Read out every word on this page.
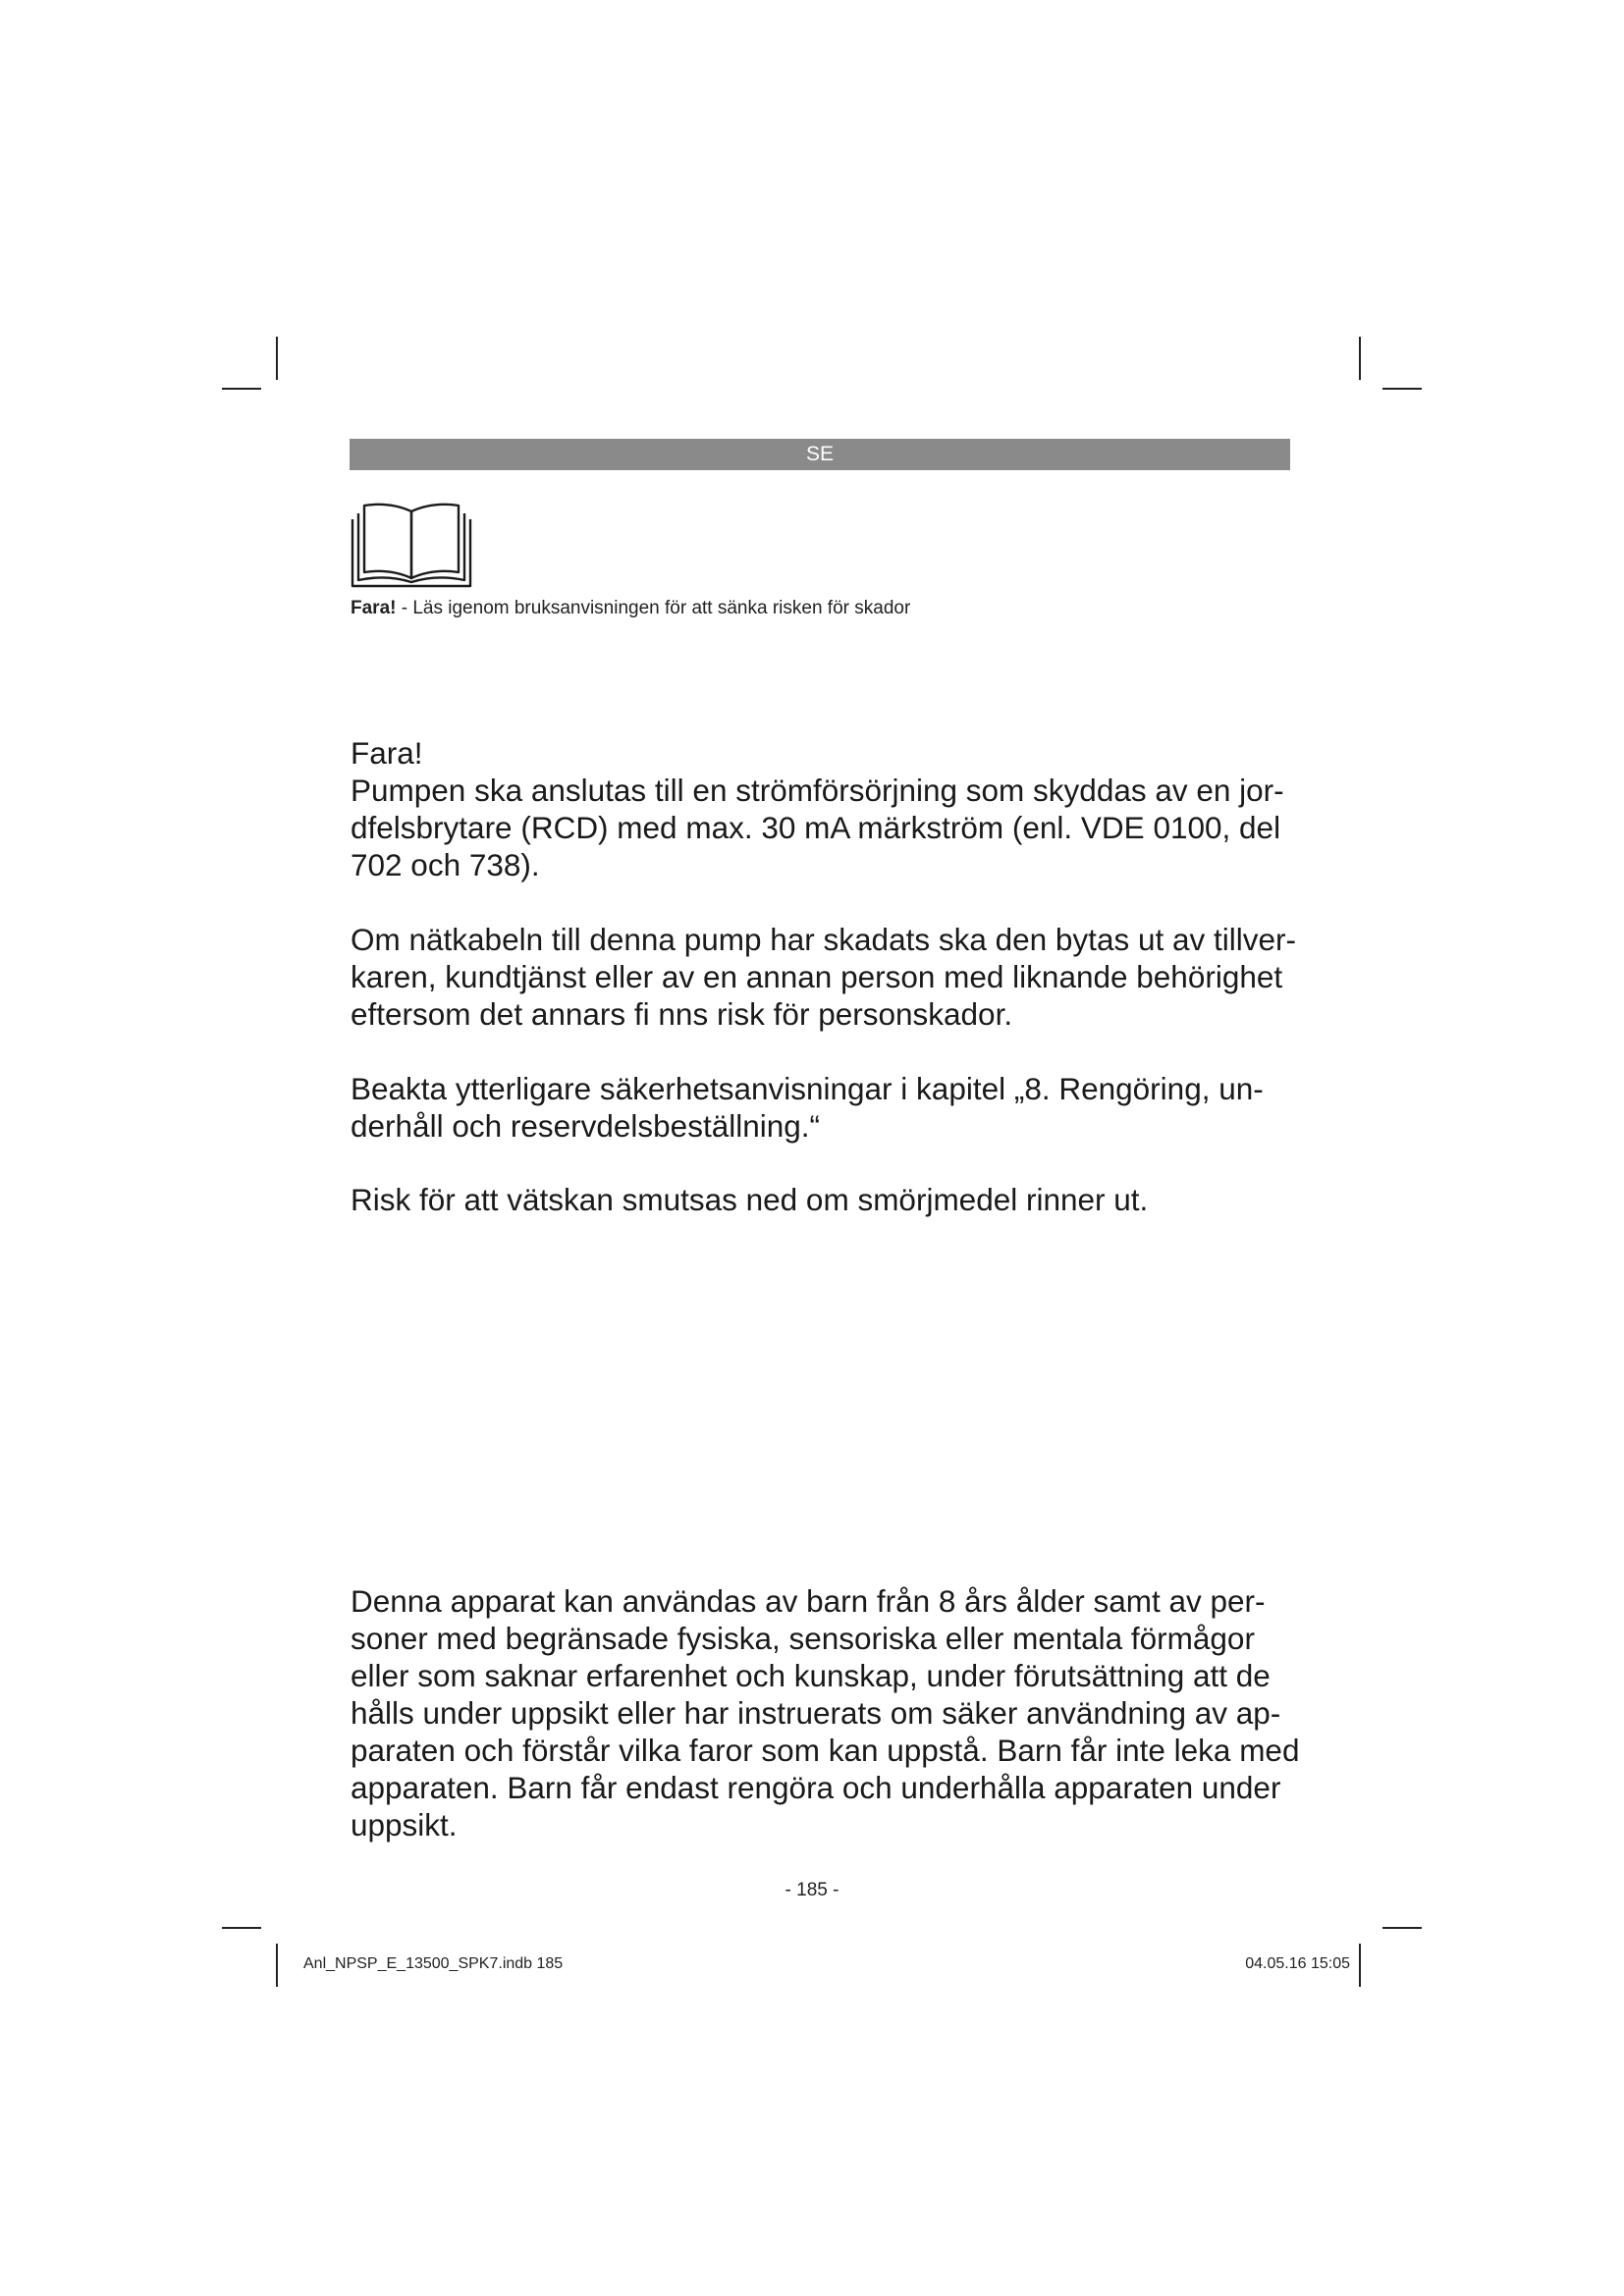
SE
Fara! - Läs igenom bruksanvisningen för att sänka risken för skador
Fara!
Pumpen ska anslutas till en strömförsörjning som skyddas av en jor-
dfelsbrytare (RCD) med max. 30 mA märkström (enl. VDE 0100, del
702 och 738).
Om nätkabeln till denna pump har skadats ska den bytas ut av tillver-
karen, kundtjänst eller av en annan person med liknande behörighet
eftersom det annars fi nns risk för personskador.
Beakta ytterligare säkerhetsanvisningar i kapitel „8. Rengöring, un-
derhåll och reservdelsbeställning.“
Risk för att vätskan smutsas ned om smörjmedel rinner ut.
Denna apparat kan användas av barn från 8 års ålder samt av per-
soner med begränsade fysiska, sensoriska eller mentala förmågor
eller som saknar erfarenhet och kunskap, under förutsättning att de
hålls under uppsikt eller har instruerats om säker användning av ap-
paraten och förstår vilka faror som kan uppstå. Barn får inte leka med
apparaten. Barn får endast rengöra och underhålla apparaten under
uppsikt.
- 185 -
Anl_NPSP_E_13500_SPK7.indb 185	04.05.16 15:05
